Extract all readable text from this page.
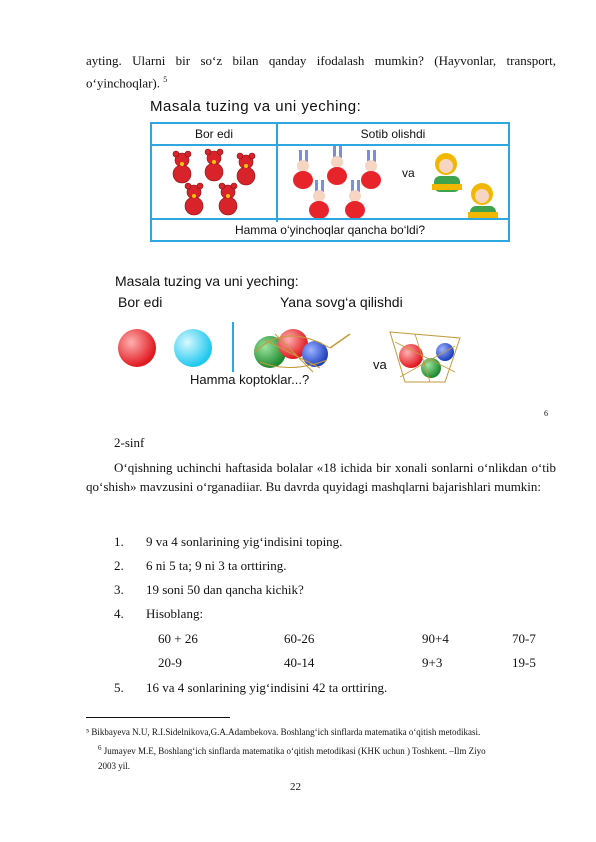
ayting. Ularni bir so‘z bilan qanday ifodalash mumkin? (Hayvonlar, transport, o‘yinchoqlar). $^5$
Masala tuzing va uni yeching:
Bor edi	Sotib olishdi
va
Hamma o‘yinchoqlar qancha bo‘ldi?
Masala tuzing va uni yeching:
Bor edi	Yana sovg‘a qilishdi
va
Hamma koptoklar...?
6
2-sinf
O‘qishning uchinchi haftasida bolalar «18 ichida bir xonali sonlarni o‘nlikdan o‘tib qo‘shish» mavzusini o‘rganadiiar. Bu davrda quyidagi mashqlarni bajarishlari mumkin:
1. 9 va 4 sonlarining yig‘indisini toping.
2. 6 ni 5 ta; 9 ni 3 ta orttiring.
3. 19 soni 50 dan qancha kichik?
4. Hisoblang:
60 + 26	60-26	90+4	70-7
20-9	40-14	9+3	19-5
5. 16 va 4 sonlarining yig‘indisini 42 ta orttiring.
⁵ Bikbayeva N.U, R.I.Sidelnikova,G.A.Adambekova. Boshlang‘ich sinflarda matematika o‘qitish metodikasi.
$^6$ Jumayev M.E, Boshlang‘ich sinflarda matematika o‘qitish metodikasi (KHK uchun ) Toshkent. –Ilm Ziyo
2003 yil.
22
